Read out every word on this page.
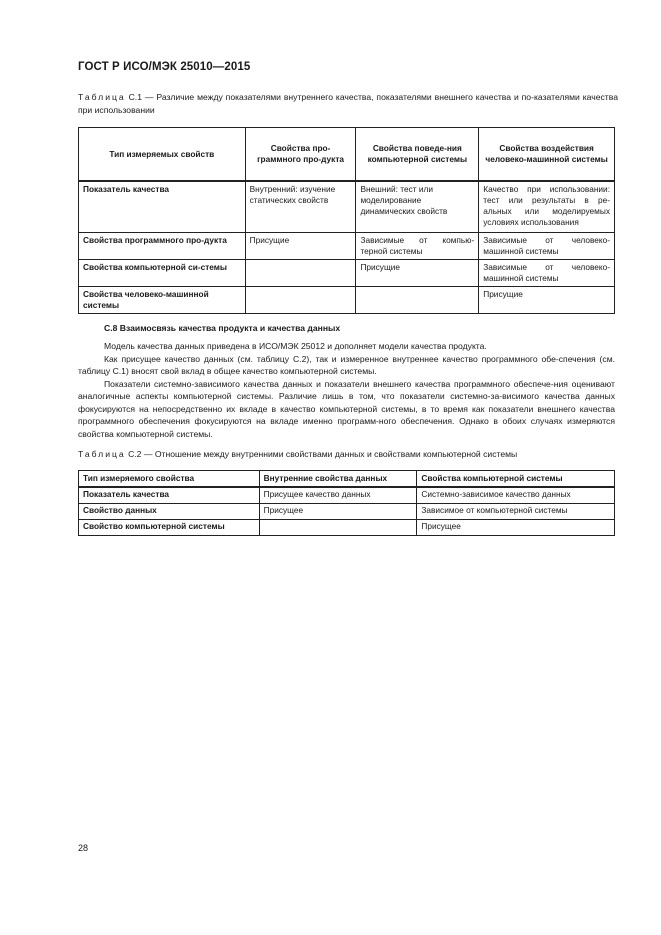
ГОСТ Р ИСО/МЭК 25010—2015
Таблица С.1 — Различие между показателями внутреннего качества, показателями внешнего качества и по-казателями качества при использовании
Тип измеряемых свойств	Свойства про-граммного про-дукта	Свойства поведе-ния компьютерной системы	Свойства воздействия человеко-машинной системы
Показатель качества	Внутренний: изучение статических свойств	Внешний: тест или моделирование динамических свойств	Качество при использовании: тест или результаты в ре-альных или моделируемых условиях использования
Свойства программного про-дукта	Присущие	Зависимые от компью-терной системы	Зависимые от человеко-машинной системы
Свойства компьютерной си-стемы		Присущие	Зависимые от человеко-машинной системы
Свойства человеко-машинной системы			Присущие
С.8 Взаимосвязь качества продукта и качества данных

Модель качества данных приведена в ИСО/МЭК 25012 и дополняет модели качества продукта.

Как присущее качество данных (см. таблицу С.2), так и измеренное внутреннее качество программного обе-спечения (см. таблицу С.1) вносят свой вклад в общее качество компьютерной системы.

Показатели системно-зависимого качества данных и показатели внешнего качества программного обеспече-ния оценивают аналогичные аспекты компьютерной системы. Различие лишь в том, что показатели системно-за-висимого качества данных фокусируются на непосредственно их вкладе в качество компьютерной системы, в то время как показатели внешнего качества программного обеспечения фокусируются на вкладе именно программ-ного обеспечения. Однако в обоих случаях измеряются свойства компьютерной системы.

Таблица С.2 — Отношение между внутренними свойствами данных и свойствами компьютерной системы
Тип измеряемого свойства	Внутренние свойства данных	Свойства компьютерной системы
Показатель качества	Присущее качество данных	Системно-зависимое качество данных
Свойство данных	Присущее	Зависимое от компьютерной системы
Свойство компьютерной системы		Присущее
28
